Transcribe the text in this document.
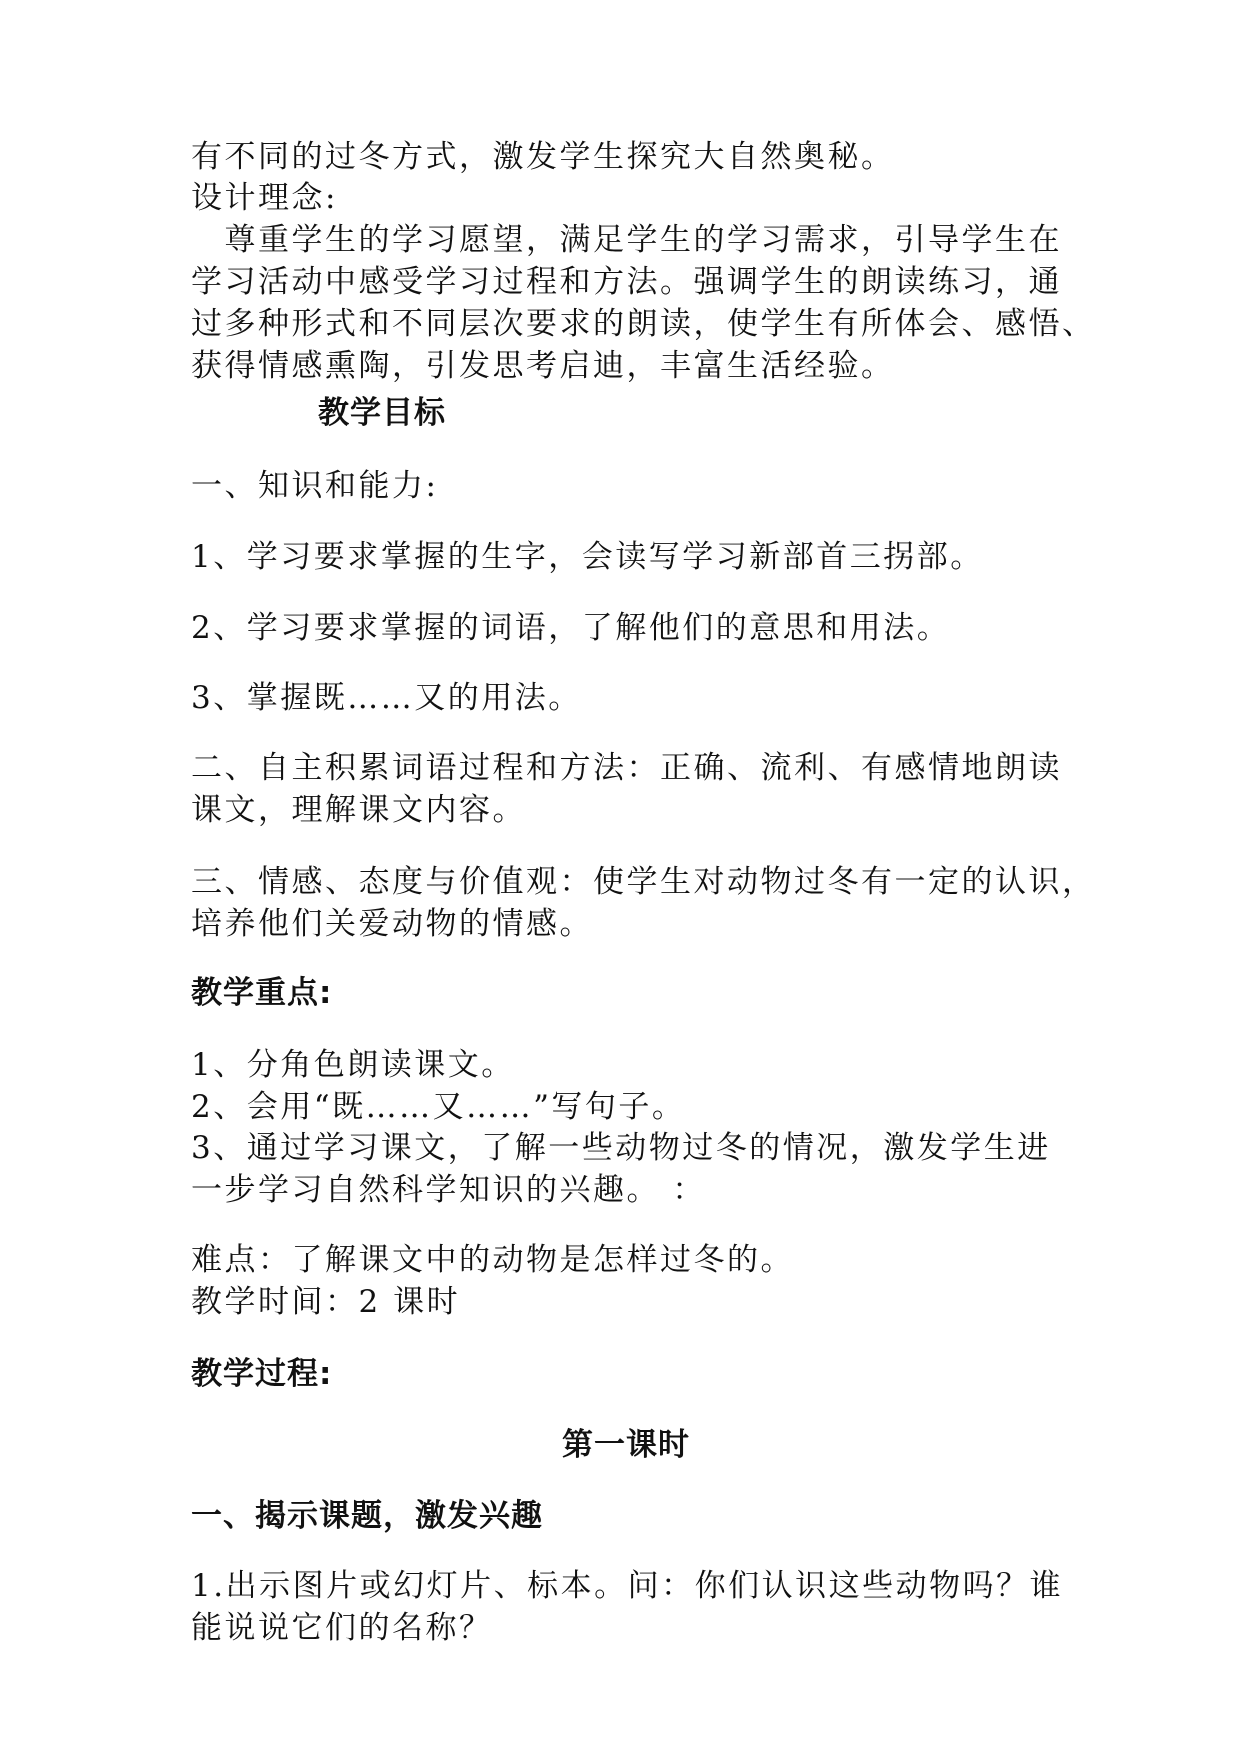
有不同的过冬方式，激发学生探究大自然奥秘。
设计理念:
　尊重学生的学习愿望，满足学生的学习需求，引导学生在
学习活动中感受学习过程和方法。强调学生的朗读练习，通
过多种形式和不同层次要求的朗读，使学生有所体会、感悟、
获得情感熏陶，引发思考启迪，丰富生活经验。
教学目标
一、知识和能力:
1、学习要求掌握的生字，会读写学习新部首三拐部。
2、学习要求掌握的词语，了解他们的意思和用法。
3、掌握既……又的用法。
二、自主积累词语过程和方法：正确、流利、有感情地朗读
课文，理解课文内容。
三、情感、态度与价值观：使学生对动物过冬有一定的认识，
培养他们关爱动物的情感。
教学重点:
1、分角色朗读课文。
2、会用“既……又……”写句子。
3、通过学习课文，了解一些动物过冬的情况，激发学生进
一步学习自然科学知识的兴趣。 ：
难点：了解课文中的动物是怎样过冬的。
教学时间：2 课时
教学过程:
第一课时
一、揭示课题，激发兴趣
1.出示图片或幻灯片、标本。问：你们认识这些动物吗？谁
能说说它们的名称？
